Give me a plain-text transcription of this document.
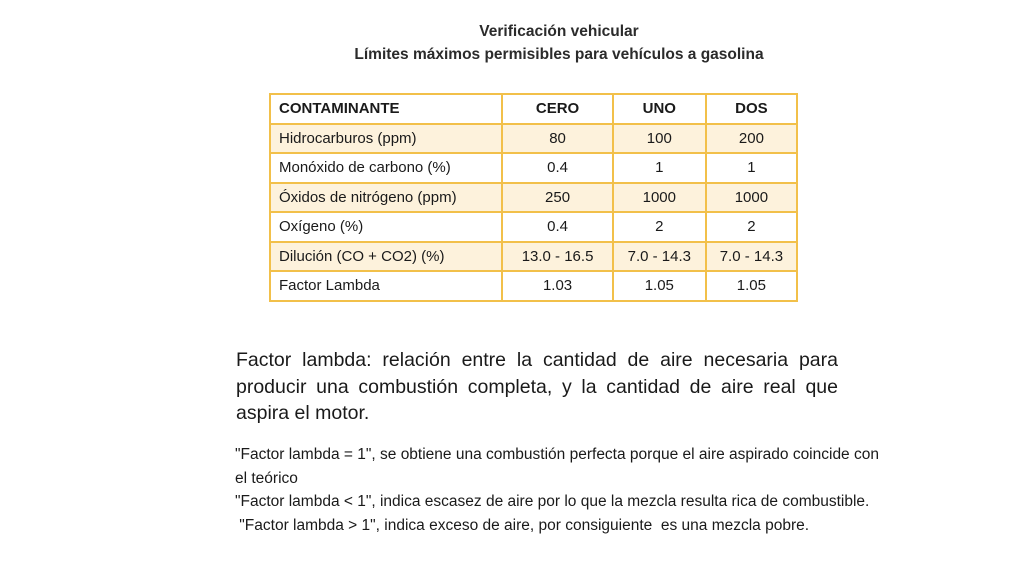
Verificación vehicular
Límites máximos permisibles para vehículos a gasolina
CONTAMINANTE	CERO	UNO	DOS
Hidrocarburos (ppm)	80	100	200
Monóxido de carbono (%)	0.4	1	1
Óxidos de nitrógeno (ppm)	250	1000	1000
Oxígeno (%)	0.4	2	2
Dilución (CO + CO2) (%)	13.0 - 16.5	7.0 - 14.3	7.0 - 14.3
Factor Lambda	1.03	1.05	1.05
Factor lambda: relación entre la cantidad de aire necesaria para producir una combustión completa, y la cantidad de aire real que aspira el motor.

"Factor lambda = 1", se obtiene una combustión perfecta porque el aire aspirado coincide con el teórico

"Factor lambda < 1", indica escasez de aire por lo que la mezcla resulta rica de combustible.

"Factor lambda > 1", indica exceso de aire, por consiguiente  es una mezcla pobre.
